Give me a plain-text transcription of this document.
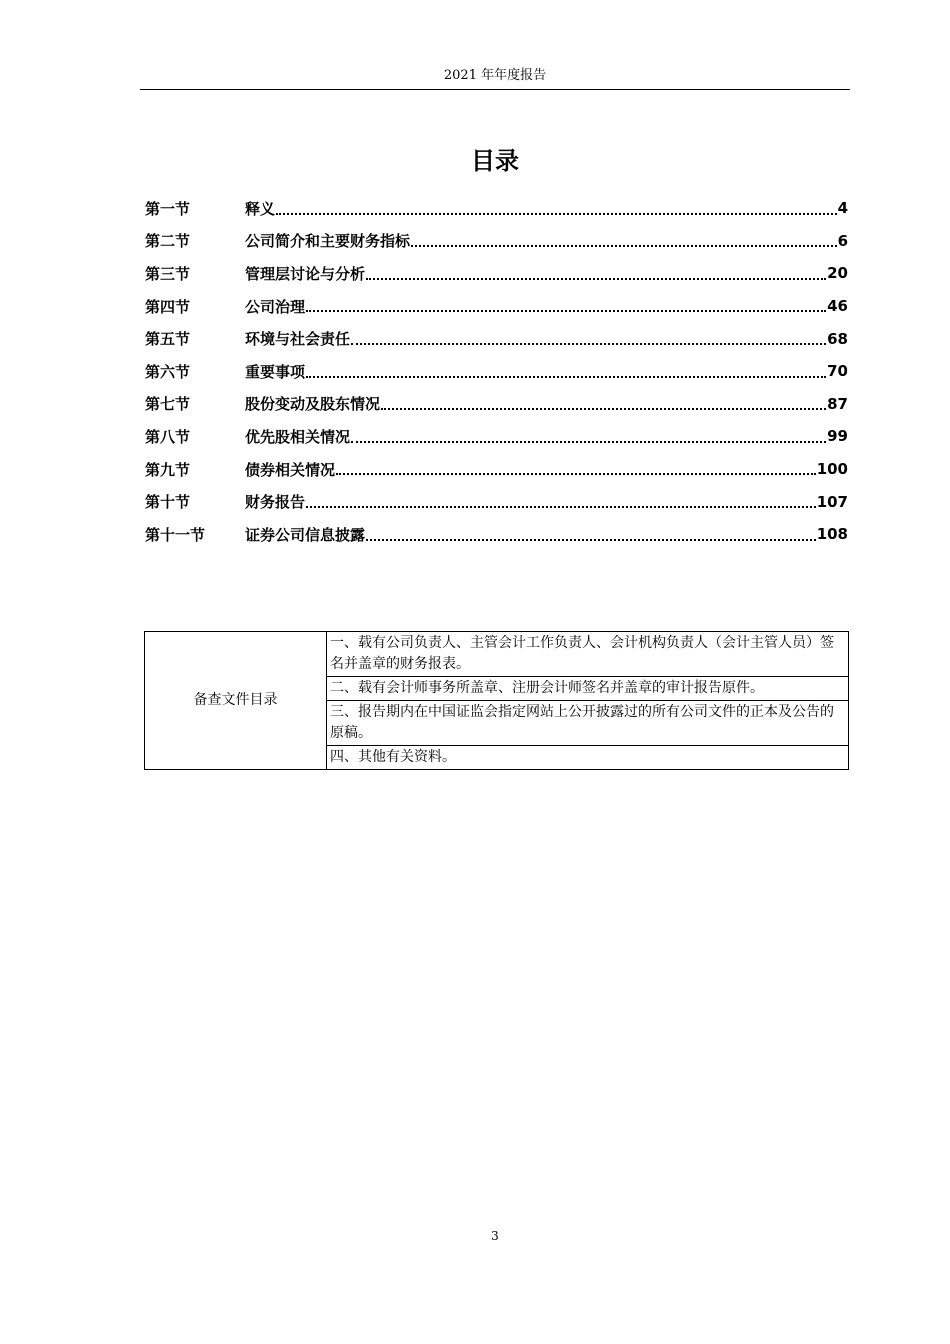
2021 年年度报告
目录
第一节	释义	4
第二节	公司简介和主要财务指标	6
第三节	管理层讨论与分析	20
第四节	公司治理	46
第五节	环境与社会责任	68
第六节	重要事项	70
第七节	股份变动及股东情况	87
第八节	优先股相关情况	99
第九节	债券相关情况	100
第十节	财务报告	107
第十一节	证券公司信息披露	108
备查文件目录	一、载有公司负责人、主管会计工作负责人、会计机构负责人（会计主管人员）签名并盖章的财务报表。
二、载有会计师事务所盖章、注册会计师签名并盖章的审计报告原件。
三、报告期内在中国证监会指定网站上公开披露过的所有公司文件的正本及公告的原稿。
四、其他有关资料。
3
